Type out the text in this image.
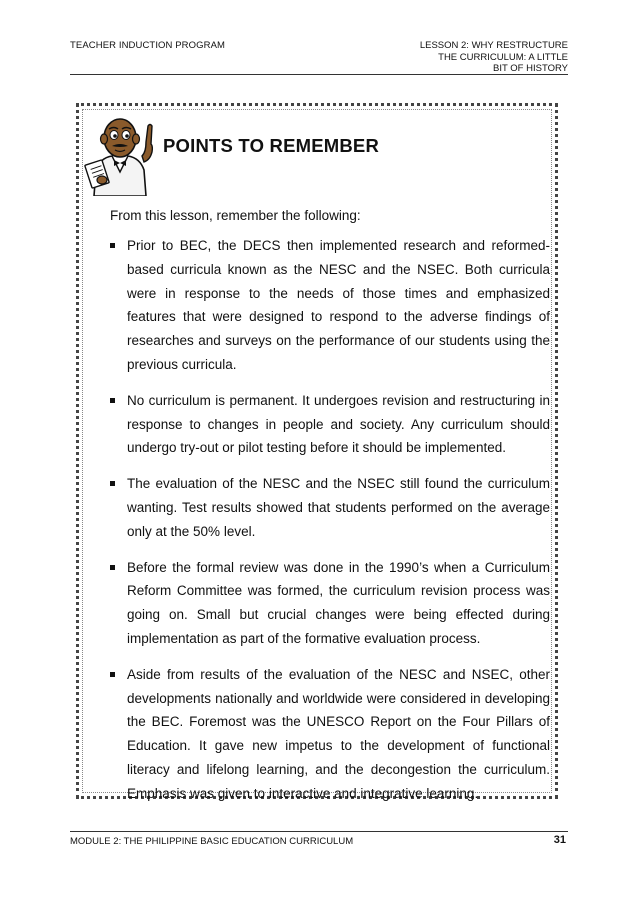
TEACHER INDUCTION PROGRAM	LESSON 2: WHY RESTRUCTURE
THE CURRICULUM: A LITTLE
BIT OF HISTORY
POINTS TO REMEMBER
From this lesson, remember the following:
Prior to BEC, the DECS then implemented research and reformed-based curricula known as the NESC and the NSEC. Both curricula were in response to the needs of those times and emphasized features that were designed to respond to the adverse findings of researches and surveys on the performance of our students using the previous curricula.
No curriculum is permanent. It undergoes revision and restructuring in response to changes in people and society. Any curriculum should undergo try-out or pilot testing before it should be implemented.
The evaluation of the NESC and the NSEC still found the curriculum wanting. Test results showed that students performed on the average only at the 50% level.
Before the formal review was done in the 1990’s when a Curriculum Reform Committee was formed, the curriculum revision process was going on. Small but crucial changes were being effected during implementation as part of the formative evaluation process.
Aside from results of the evaluation of the NESC and NSEC, other developments nationally and worldwide were considered in developing the BEC. Foremost was the UNESCO Report on the Four Pillars of Education. It gave new impetus to the development of functional literacy and lifelong learning, and the decongestion the curriculum. Emphasis was given to interactive and integrative learning.
MODULE 2: THE PHILIPPINE BASIC EDUCATION CURRICULUM	31
